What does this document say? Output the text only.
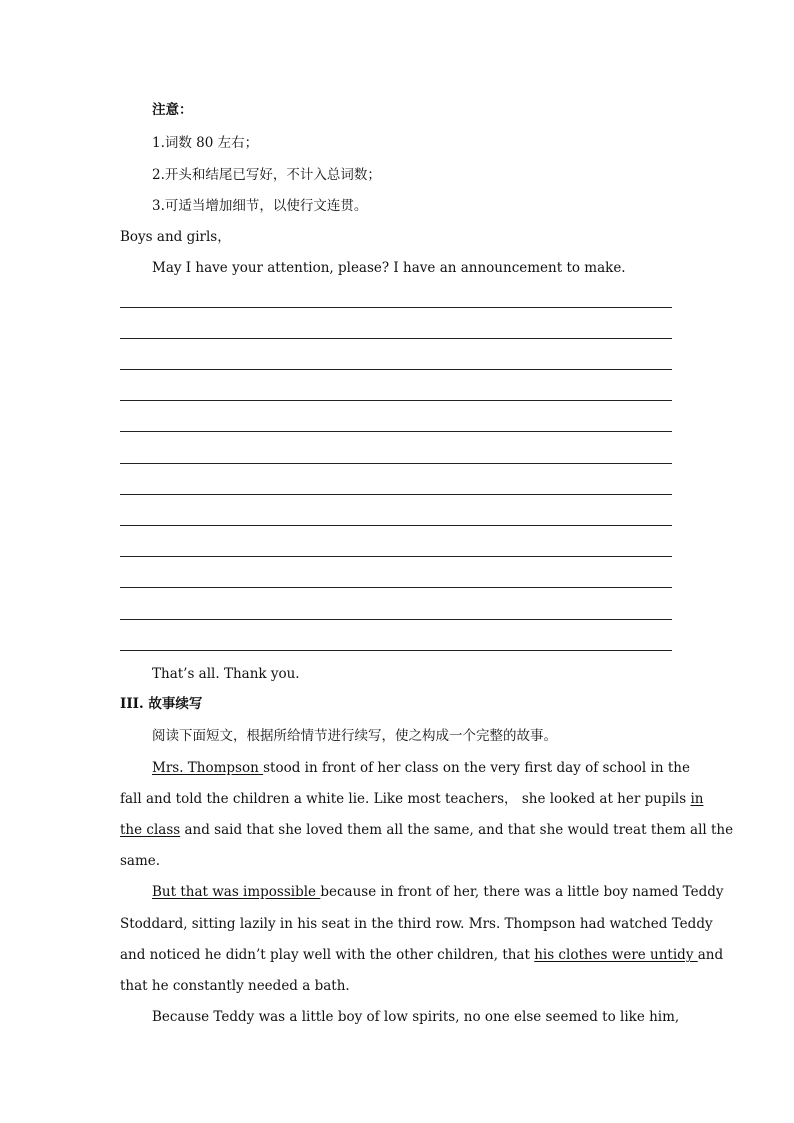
注意：
1.词数 80 左右；
2.开头和结尾已写好，不计入总词数；
3.可适当增加细节，以使行文连贯。
Boys and girls，
May I have your attention, please? I have an announcement to make.
That’s all. Thank you.
III. 故事续写
阅读下面短文，根据所给情节进行续写，使之构成一个完整的故事。
Mrs. Thompson stood in front of her class on the very first day of school in the
fall and told the children a white lie. Like most teachers， she looked at her pupils in
the class and said that she loved them all the same, and that she would treat them all the
same.
But that was impossible because in front of her, there was a little boy named Teddy
Stoddard, sitting lazily in his seat in the third row. Mrs. Thompson had watched Teddy
and noticed he didn’t play well with the other children, that his clothes were untidy and
that he constantly needed a bath.
Because Teddy was a little boy of low spirits, no one else seemed to like him,
